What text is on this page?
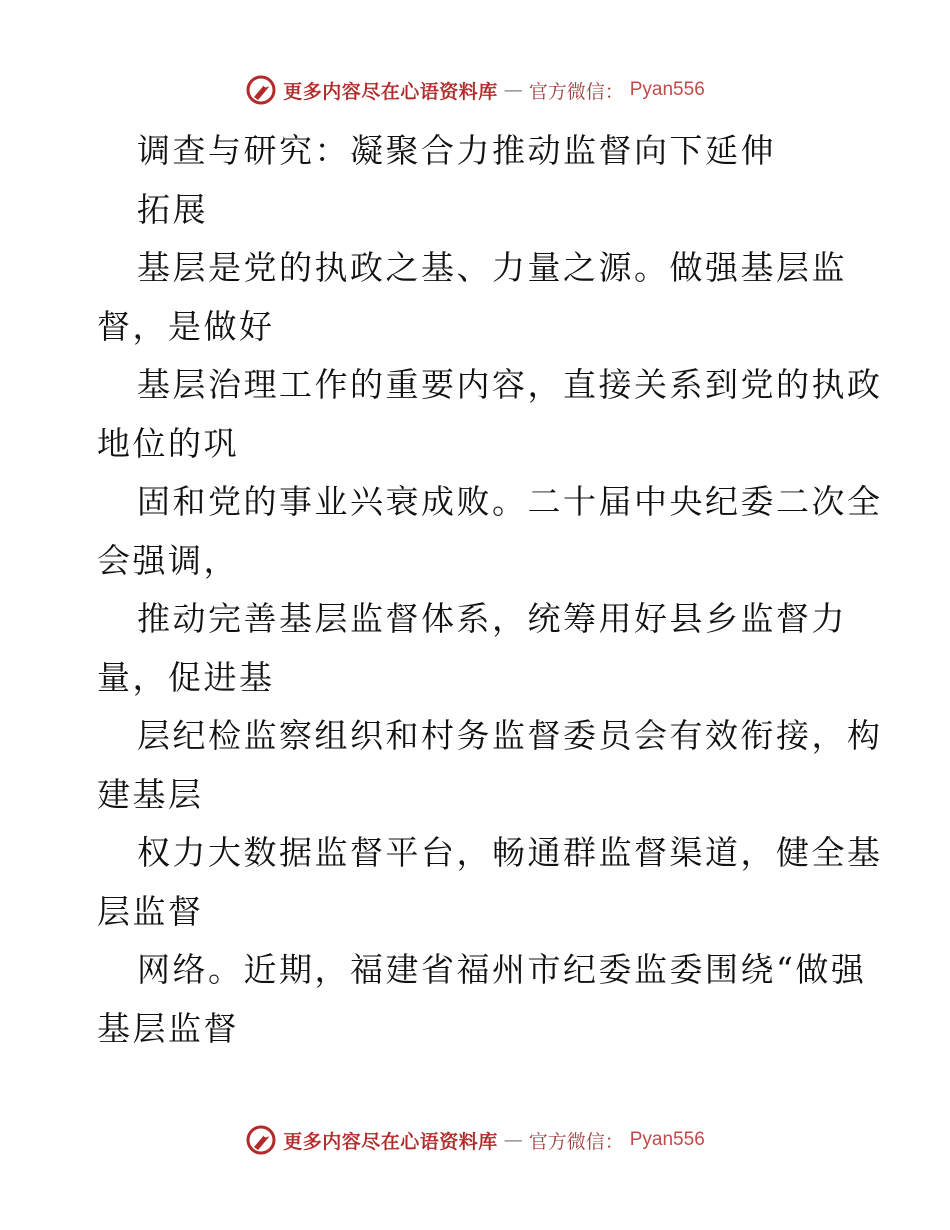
更多内容尽在心语资料库 — 官方微信： Pyan556
调查与研究：凝聚合力推动监督向下延伸
拓展
基层是党的执政之基、力量之源。做强基层监
督，是做好
基层治理工作的重要内容，直接关系到党的执政
地位的巩
固和党的事业兴衰成败。二十届中央纪委二次全
会强调，
推动完善基层监督体系，统筹用好县乡监督力
量，促进基
层纪检监察组织和村务监督委员会有效衔接，构
建基层
权力大数据监督平台，畅通群监督渠道，健全基
层监督
网络。近期，福建省福州市纪委监委围绕“做强
基层监督
更多内容尽在心语资料库 — 官方微信： Pyan556
